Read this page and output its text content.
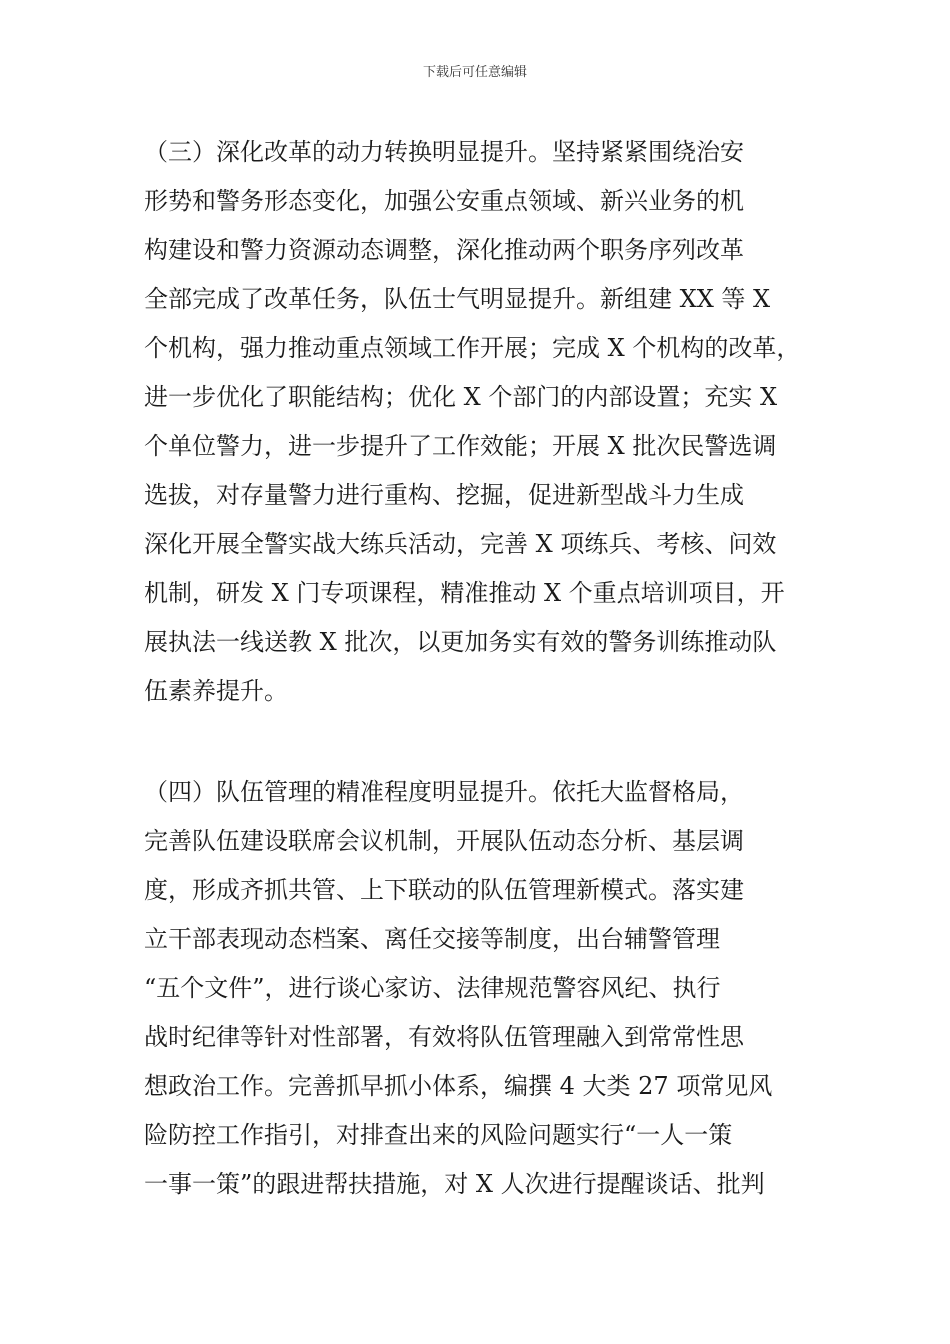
下载后可任意编辑
（三）深化改革的动力转换明显提升。坚持紧紧围绕治安
形势和警务形态变化，加强公安重点领域、新兴业务的机
构建设和警力资源动态调整，深化推动两个职务序列改革
全部完成了改革任务，队伍士气明显提升。新组建 XX 等 X
个机构，强力推动重点领域工作开展；完成 X 个机构的改革，
进一步优化了职能结构；优化 X 个部门的内部设置；充实 X
个单位警力，进一步提升了工作效能；开展 X 批次民警选调
选拔，对存量警力进行重构、挖掘，促进新型战斗力生成
深化开展全警实战大练兵活动，完善 X 项练兵、考核、问效
机制，研发 X 门专项课程，精准推动 X 个重点培训项目，开
展执法一线送教 X 批次，以更加务实有效的警务训练推动队
伍素养提升。
（四）队伍管理的精准程度明显提升。依托大监督格局，
完善队伍建设联席会议机制，开展队伍动态分析、基层调
度，形成齐抓共管、上下联动的队伍管理新模式。落实建
立干部表现动态档案、离任交接等制度，出台辅警管理
“五个文件”，进行谈心家访、法律规范警容风纪、执行
战时纪律等针对性部署，有效将队伍管理融入到常常性思
想政治工作。完善抓早抓小体系，编撰 4 大类 27 项常见风
险防控工作指引，对排查出来的风险问题实行“一人一策
一事一策”的跟进帮扶措施，对 X 人次进行提醒谈话、批判
